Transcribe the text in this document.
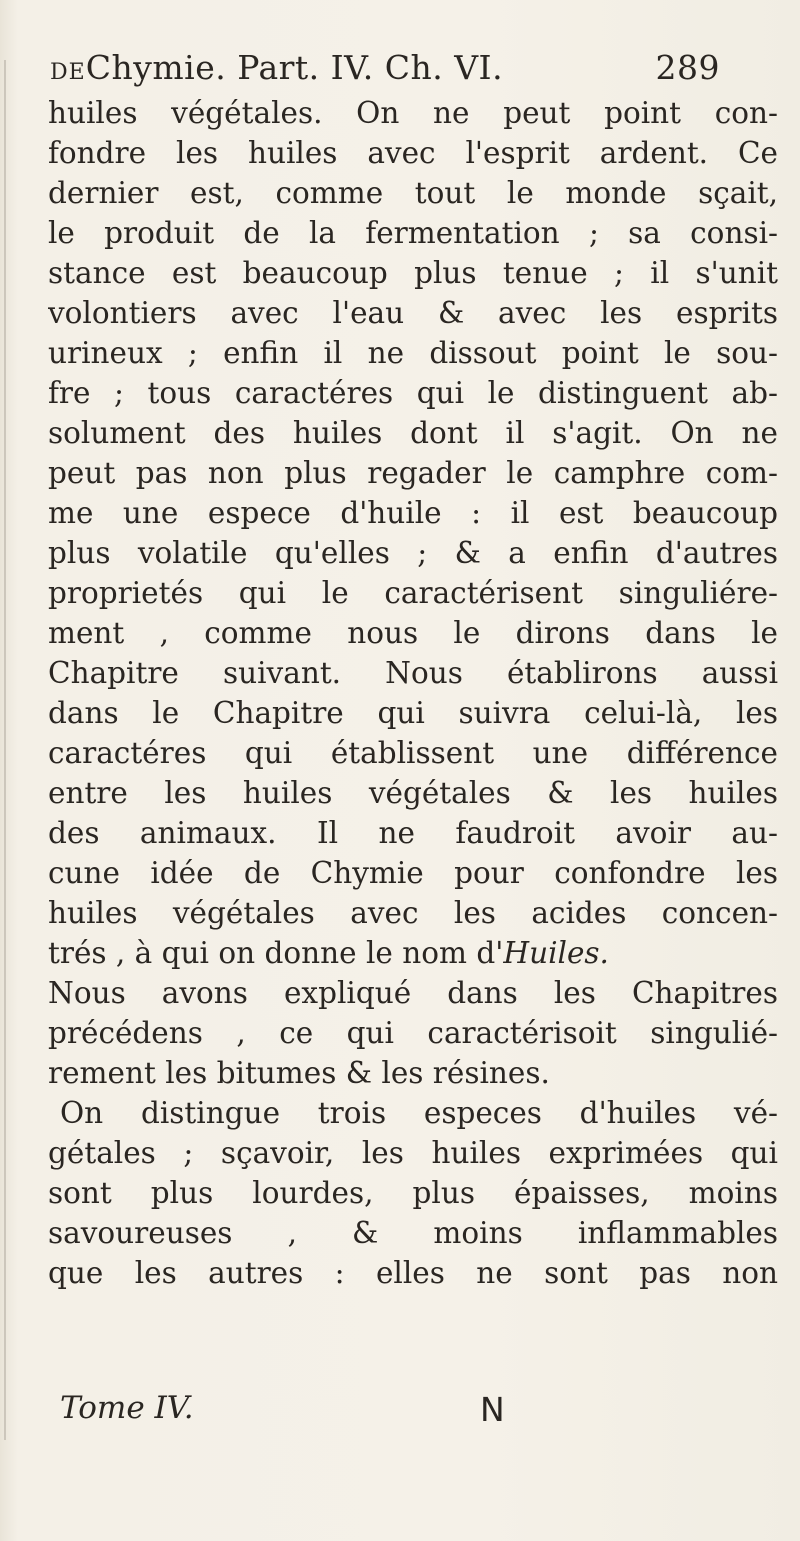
DEChymie. Part. IV. Ch. VI.	289
huiles végétales. On ne peut point con-
fondre les huiles avec l'esprit ardent. Ce
dernier est, comme tout le monde sçait,
le produit de la fermentation ; sa consi-
stance est beaucoup plus tenue ; il s'unit
volontiers avec l'eau & avec les esprits
urineux ; enfin il ne dissout point le sou-
fre ; tous caractéres qui le distinguent ab-
solument des huiles dont il s'agit. On ne
peut pas non plus regader le camphre com-
me une espece d'huile : il est beaucoup
plus volatile qu'elles ; & a enfin d'autres
proprietés qui le caractérisent singuliére-
ment , comme nous le dirons dans le
Chapitre suivant. Nous établirons aussi
dans le Chapitre qui suivra celui-là, les
caractéres qui établissent une différence
entre les huiles végétales & les huiles
des animaux. Il ne faudroit avoir au-
cune idée de Chymie pour confondre les
huiles végétales avec les acides concen-
trés , à qui on donne le nom d'Huiles.
Nous avons expliqué dans les Chapitres
précédens , ce qui caractérisoit singulié-
rement les bitumes & les résines.
On distingue trois especes d'huiles vé-
gétales ; sçavoir, les huiles exprimées qui
sont plus lourdes, plus épaisses, moins
savoureuses , & moins inflammables
que les autres : elles ne sont pas non
Tome IV.	N
